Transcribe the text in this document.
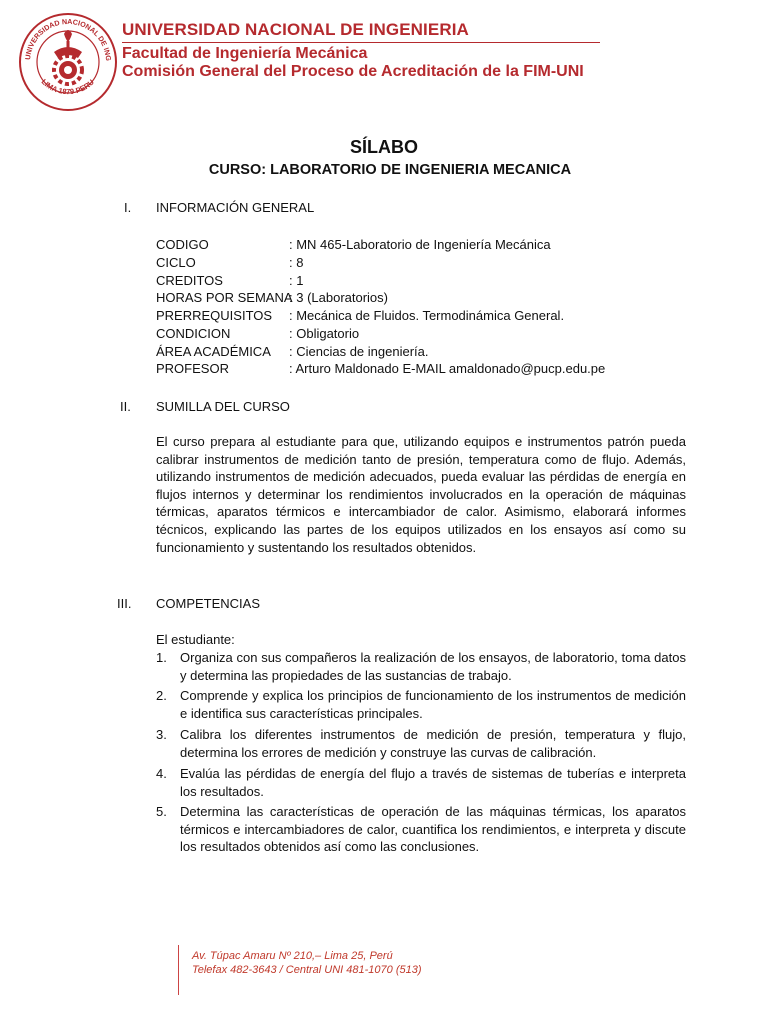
UNIVERSIDAD NACIONAL DE ING
LIMA 1879 PERU
UNIVERSIDAD NACIONAL DE INGENIERIA
Facultad de Ingeniería Mecánica
Comisión General del Proceso de Acreditación de la FIM-UNI
SÍLABO
CURSO: LABORATORIO DE INGENIERIA MECANICA
I. INFORMACIÓN GENERAL
CODIGO	: MN 465-Laboratorio de Ingeniería Mecánica
CICLO	: 8
CREDITOS	: 1
HORAS POR SEMANA: 3 (Laboratorios)
PRERREQUISITOS : Mecánica de Fluidos. Termodinámica General.
CONDICION	: Obligatorio
ÁREA ACADÉMICA : Ciencias de ingeniería.
PROFESOR	: Arturo Maldonado E-MAIL amaldonado@pucp.edu.pe
II. SUMILLA DEL CURSO
El curso prepara al estudiante para que, utilizando equipos e instrumentos patrón pueda calibrar instrumentos de medición tanto de presión, temperatura como de flujo. Además, utilizando instrumentos de medición adecuados, pueda evaluar las pérdidas de energía en flujos internos y determinar los rendimientos involucrados en la operación de máquinas térmicas, aparatos térmicos e intercambiador de calor. Asimismo, elaborará informes técnicos, explicando las partes de los equipos utilizados en los ensayos así como su funcionamiento y sustentando los resultados obtenidos.
III. COMPETENCIAS
El estudiante:
1. Organiza con sus compañeros la realización de los ensayos, de laboratorio, toma datos y determina las propiedades de las sustancias de trabajo.
2. Comprende y explica los principios de funcionamiento de los instrumentos de medición e identifica sus características principales.
3. Calibra los diferentes instrumentos de medición de presión, temperatura y flujo, determina los errores de medición y construye las curvas de calibración.
4. Evalúa las pérdidas de energía del flujo a través de sistemas de tuberías e interpreta los resultados.
5. Determina las características de operación de las máquinas térmicas, los aparatos térmicos e intercambiadores de calor, cuantifica los rendimientos, e interpreta y discute los resultados obtenidos así como las conclusiones.
Av. Túpac Amaru Nº 210,– Lima 25, Perú
Telefax 482-3643 / Central UNI 481-1070 (513)
